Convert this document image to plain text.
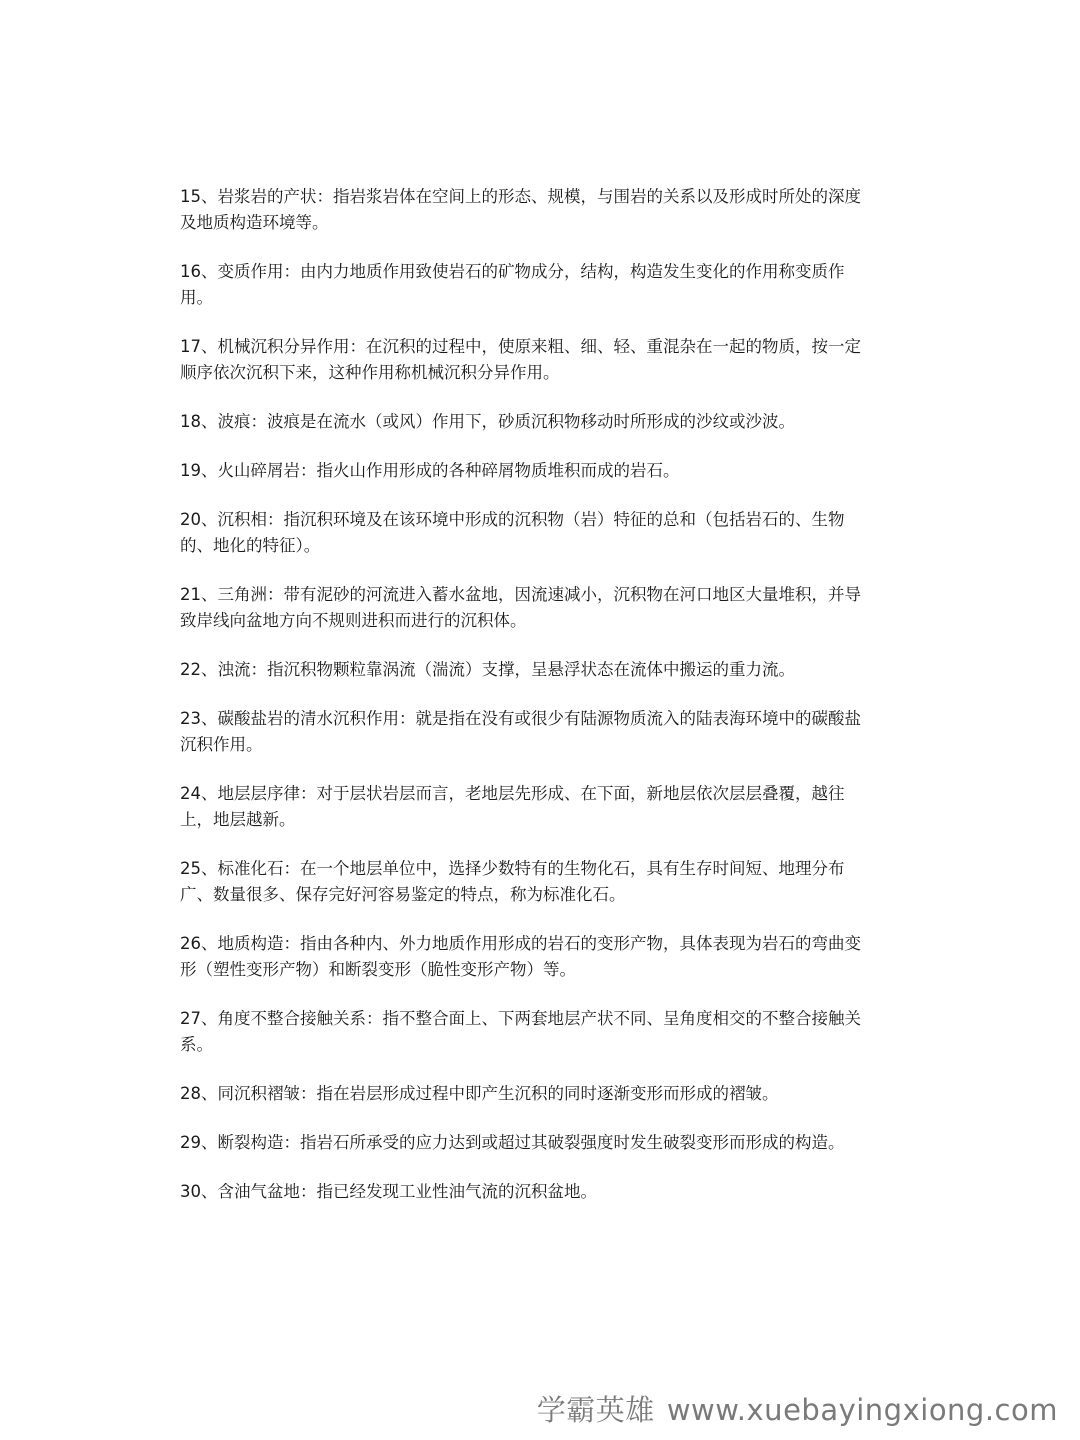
15、岩浆岩的产状：指岩浆岩体在空间上的形态、规模，与围岩的关系以及形成时所处的深度及地质构造环境等。

16、变质作用：由内力地质作用致使岩石的矿物成分，结构，构造发生变化的作用称变质作用。

17、机械沉积分异作用：在沉积的过程中，使原来粗、细、轻、重混杂在一起的物质，按一定顺序依次沉积下来，这种作用称机械沉积分异作用。

18、波痕：波痕是在流水（或风）作用下，砂质沉积物移动时所形成的沙纹或沙波。

19、火山碎屑岩：指火山作用形成的各种碎屑物质堆积而成的岩石。

20、沉积相：指沉积环境及在该环境中形成的沉积物（岩）特征的总和（包括岩石的、生物的、地化的特征）。

21、三角洲：带有泥砂的河流进入蓄水盆地，因流速减小，沉积物在河口地区大量堆积，并导致岸线向盆地方向不规则进积而进行的沉积体。

22、浊流：指沉积物颗粒靠涡流（湍流）支撑，呈悬浮状态在流体中搬运的重力流。

23、碳酸盐岩的清水沉积作用：就是指在没有或很少有陆源物质流入的陆表海环境中的碳酸盐沉积作用。

24、地层层序律：对于层状岩层而言，老地层先形成、在下面，新地层依次层层叠覆，越往上，地层越新。

25、标准化石：在一个地层单位中，选择少数特有的生物化石，具有生存时间短、地理分布广、数量很多、保存完好河容易鉴定的特点，称为标准化石。

26、地质构造：指由各种内、外力地质作用形成的岩石的变形产物，具体表现为岩石的弯曲变形（塑性变形产物）和断裂变形（脆性变形产物）等。

27、角度不整合接触关系：指不整合面上、下两套地层产状不同、呈角度相交的不整合接触关系。

28、同沉积褶皱：指在岩层形成过程中即产生沉积的同时逐渐变形而形成的褶皱。

29、断裂构造：指岩石所承受的应力达到或超过其破裂强度时发生破裂变形而形成的构造。

30、含油气盆地：指已经发现工业性油气流的沉积盆地。

学霸英雄 www.xuebayingxiong.com
